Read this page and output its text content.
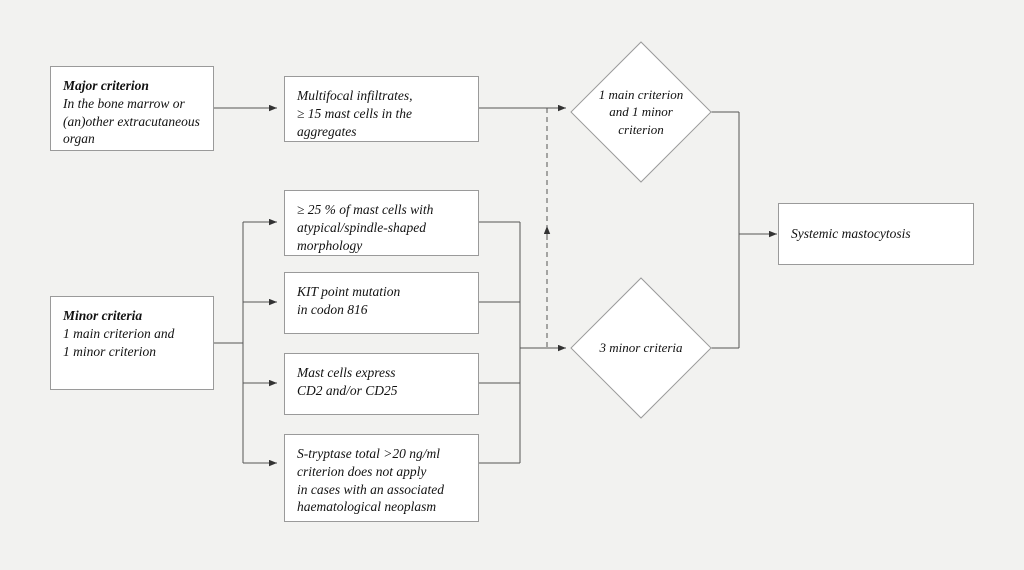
Major criterion
In the bone marrow or
(an)other extracutaneous
organ
Multifocal infiltrates,
≥ 15 mast cells in the
aggregates
Minor criteria
1 main criterion and
1 minor criterion
≥ 25 % of mast cells with
atypical/spindle-shaped
morphology
KIT point mutation
in codon 816
Mast cells express
CD2 and/or CD25
S-tryptase total >20 ng/ml
criterion does not apply
in cases with an associated
haematological neoplasm
1 main criterion
and 1 minor
criterion
3 minor criteria
Systemic mastocytosis
